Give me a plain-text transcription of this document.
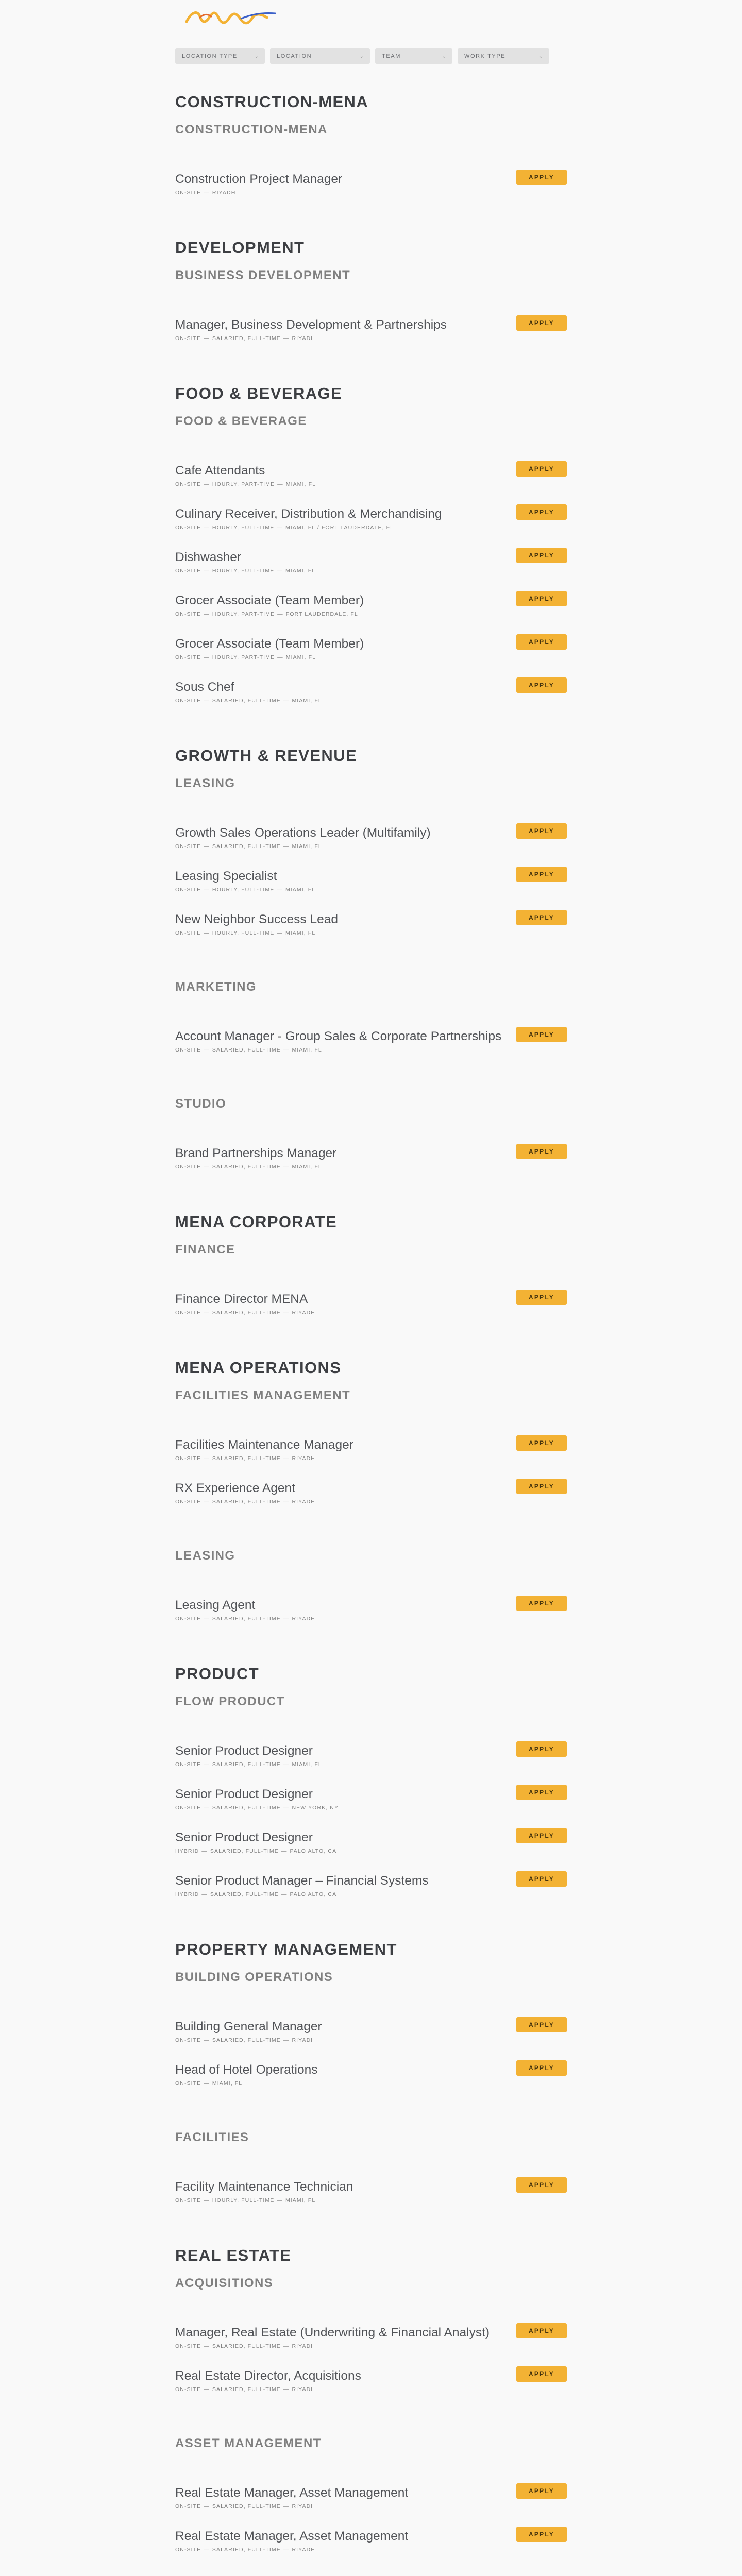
LOCATION TYPE	⌄	LOCATION	⌄	TEAM	⌄	WORK TYPE	⌄
CONSTRUCTION-MENA
CONSTRUCTION-MENA
Construction Project Manager
ON-SITE — RIYADH
APPLY
DEVELOPMENT
BUSINESS DEVELOPMENT
Manager, Business Development & Partnerships
ON-SITE — SALARIED, FULL-TIME — RIYADH
APPLY
FOOD & BEVERAGE
FOOD & BEVERAGE
Cafe Attendants
ON-SITE — HOURLY, PART-TIME — MIAMI, FL
APPLY
Culinary Receiver, Distribution & Merchandising
ON-SITE — HOURLY, FULL-TIME — MIAMI, FL / FORT LAUDERDALE, FL
APPLY
Dishwasher
ON-SITE — HOURLY, FULL-TIME — MIAMI, FL
APPLY
Grocer Associate (Team Member)
ON-SITE — HOURLY, PART-TIME — FORT LAUDERDALE, FL
APPLY
Grocer Associate (Team Member)
ON-SITE — HOURLY, PART-TIME — MIAMI, FL
APPLY
Sous Chef
ON-SITE — SALARIED, FULL-TIME — MIAMI, FL
APPLY
GROWTH & REVENUE
LEASING
Growth Sales Operations Leader (Multifamily)
ON-SITE — SALARIED, FULL-TIME — MIAMI, FL
APPLY
Leasing Specialist
ON-SITE — HOURLY, FULL-TIME — MIAMI, FL
APPLY
New Neighbor Success Lead
ON-SITE — HOURLY, FULL-TIME — MIAMI, FL
APPLY
MARKETING
Account Manager - Group Sales & Corporate Partnerships
ON-SITE — SALARIED, FULL-TIME — MIAMI, FL
APPLY
STUDIO
Brand Partnerships Manager
ON-SITE — SALARIED, FULL-TIME — MIAMI, FL
APPLY
MENA CORPORATE
FINANCE
Finance Director MENA
ON-SITE — SALARIED, FULL-TIME — RIYADH
APPLY
MENA OPERATIONS
FACILITIES MANAGEMENT
Facilities Maintenance Manager
ON-SITE — SALARIED, FULL-TIME — RIYADH
APPLY
RX Experience Agent
ON-SITE — SALARIED, FULL-TIME — RIYADH
APPLY
LEASING
Leasing Agent
ON-SITE — SALARIED, FULL-TIME — RIYADH
APPLY
PRODUCT
FLOW PRODUCT
Senior Product Designer
ON-SITE — SALARIED, FULL-TIME — MIAMI, FL
APPLY
Senior Product Designer
ON-SITE — SALARIED, FULL-TIME — NEW YORK, NY
APPLY
Senior Product Designer
HYBRID — SALARIED, FULL-TIME — PALO ALTO, CA
APPLY
Senior Product Manager – Financial Systems
HYBRID — SALARIED, FULL-TIME — PALO ALTO, CA
APPLY
PROPERTY MANAGEMENT
BUILDING OPERATIONS
Building General Manager
ON-SITE — SALARIED, FULL-TIME — RIYADH
APPLY
Head of Hotel Operations
ON-SITE — MIAMI, FL
APPLY
FACILITIES
Facility Maintenance Technician
ON-SITE — HOURLY, FULL-TIME — MIAMI, FL
APPLY
REAL ESTATE
ACQUISITIONS
Manager, Real Estate (Underwriting & Financial Analyst)
ON-SITE — SALARIED, FULL-TIME — RIYADH
APPLY
Real Estate Director, Acquisitions
ON-SITE — SALARIED, FULL-TIME — RIYADH
APPLY
ASSET MANAGEMENT
Real Estate Manager, Asset Management
ON-SITE — SALARIED, FULL-TIME — RIYADH
APPLY
Real Estate Manager, Asset Management
ON-SITE — SALARIED, FULL-TIME — RIYADH
APPLY
